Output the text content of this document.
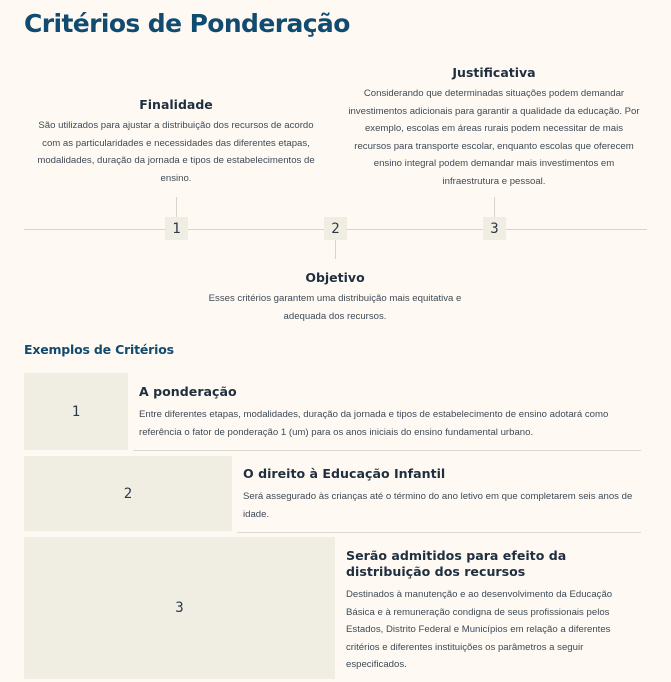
Critérios de Ponderação
Finalidade
São utilizados para ajustar a distribuição dos recursos de acordo com as particularidades e necessidades das diferentes etapas, modalidades, duração da jornada e tipos de estabelecimentos de ensino.
Justificativa
Considerando que determinadas situações podem demandar investimentos adicionais para garantir a qualidade da educação. Por exemplo, escolas em áreas rurais podem necessitar de mais recursos para transporte escolar, enquanto escolas que oferecem ensino integral podem demandar mais investimentos em infraestrutura e pessoal.
1	2	3
Objetivo
Esses critérios garantem uma distribuição mais equitativa e adequada dos recursos.
Exemplos de Critérios
1
A ponderação
Entre diferentes etapas, modalidades, duração da jornada e tipos de estabelecimento de ensino adotará como referência o fator de ponderação 1 (um) para os anos iniciais do ensino fundamental urbano.
2
O direito à Educação Infantil
Será assegurado às crianças até o término do ano letivo em que completarem seis anos de idade.
3
Serão admitidos para efeito da distribuição dos recursos
Destinados à manutenção e ao desenvolvimento da Educação Básica e à remuneração condigna de seus profissionais pelos Estados, Distrito Federal e Municípios em relação a diferentes critérios e diferentes instituições os parâmetros a seguir especificados.
